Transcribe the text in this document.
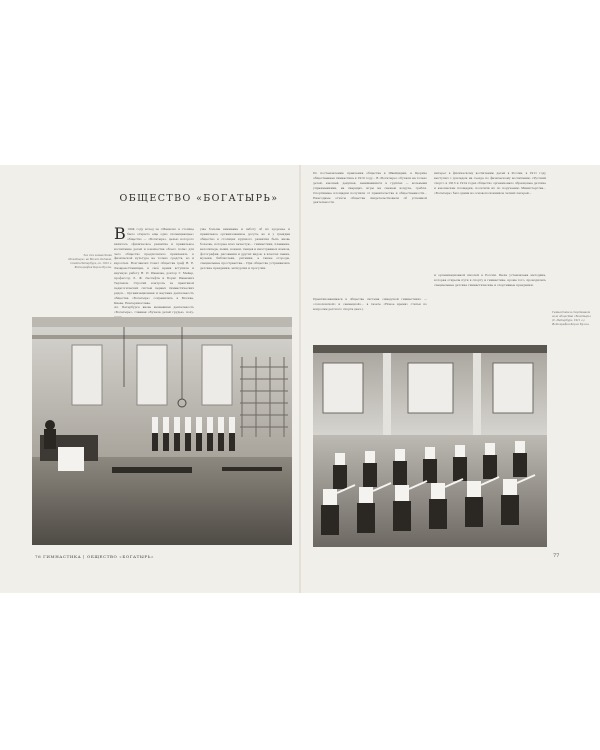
ОБЩЕСТВО «БОГАТЫРЬ»
В 1904 году вслед за «Маяком» в столице было открыто еще одно «помещающее» общество — «Богатырь», целью которого являлось «физическое развитие и правильное воспитание детей и юношества обоего пола» для чего общество предполагало привлекать к физической культуре не только средств, но и взрослых. Возглавлял Совет общества граф Н. Е. Лазарев-Станищев, в своё время вступила и научную работу Н. П. Иванова, доктор Г. Мейер, профессор Л. Ф. Лесгафта и Борис Иванович Тартаков. Строгий контроль за практикой педагогических систем первых гимнастических рядов... Организационная и научная деятельность общества «Богатырь» сохранились в Москве, Киеве, Екатеринославе.
уже больше внимание и заботу об их здоровье и правильное организованное досуга, но и у граждан общество в столицах крупного развития быть вновь болезнь, которые всех зачастую... гимнастики, плавания, велосипеда, лыжи, коньки, танцев и иностранных языков, фотография, рисования и других видов; в классах пения, музыки, библиотеки, ритмики, а также огороды, специальные пространства... При обществе устраивались детские праздники, экскурсии и прогулки.
Ал. Петербурге вновь вызвавшая деятельность «Богатырь», главная обучала детей грудью, полу-
Зал для гимнастики «Богатырь» на Малой Садовой, Санкт-Петербург, ок. 1912 г. Фотография Карла Буллы.
76 ГИМНАСТИКА | ОБЩЕСТВО «БОГАТЫРЬ»
По постановлению правления общества в Швейцарии, в Цюрихе общественная гимнастика в 1910 году... В «Богатыре» обучали на только детей, юношей, девушек, занимавшихся в группах — вольными упражнениями, на снарядах, игры на свежем воздухе, гребля. Спортивные площадки получили от правительства и общественности... Ежегодные отчёты общества свидетельствовали об успешной деятельности.
интерес к физическому воспитанию детей в России, в 1911 году выступил с докладом на съезде по физическому воспитанию «Русский спорт» в 1913 и 1914 годах общество организовало образцовые детские и юношеские площадки, посетили их по поручению Министерства... «Богатырь» был одним из основоположников летних лагерей...
Практиковавшаяся в обществе система «шведской гимнастики» — «соколовской» и «немецкой»... в газете «Новое время» статьи по вопросам детского спорта (нач.).
и организационной школой в России. Была установлена методика, которая открыла пути к спорту и гимнастике, кроме того, проводились специальные детские гимнастические и спортивные праздники.
Гимнастика в спортивном зале общества «Богатырь» (С.-Петербург, 1911 г.). Фотография Карла Буллы.
77
